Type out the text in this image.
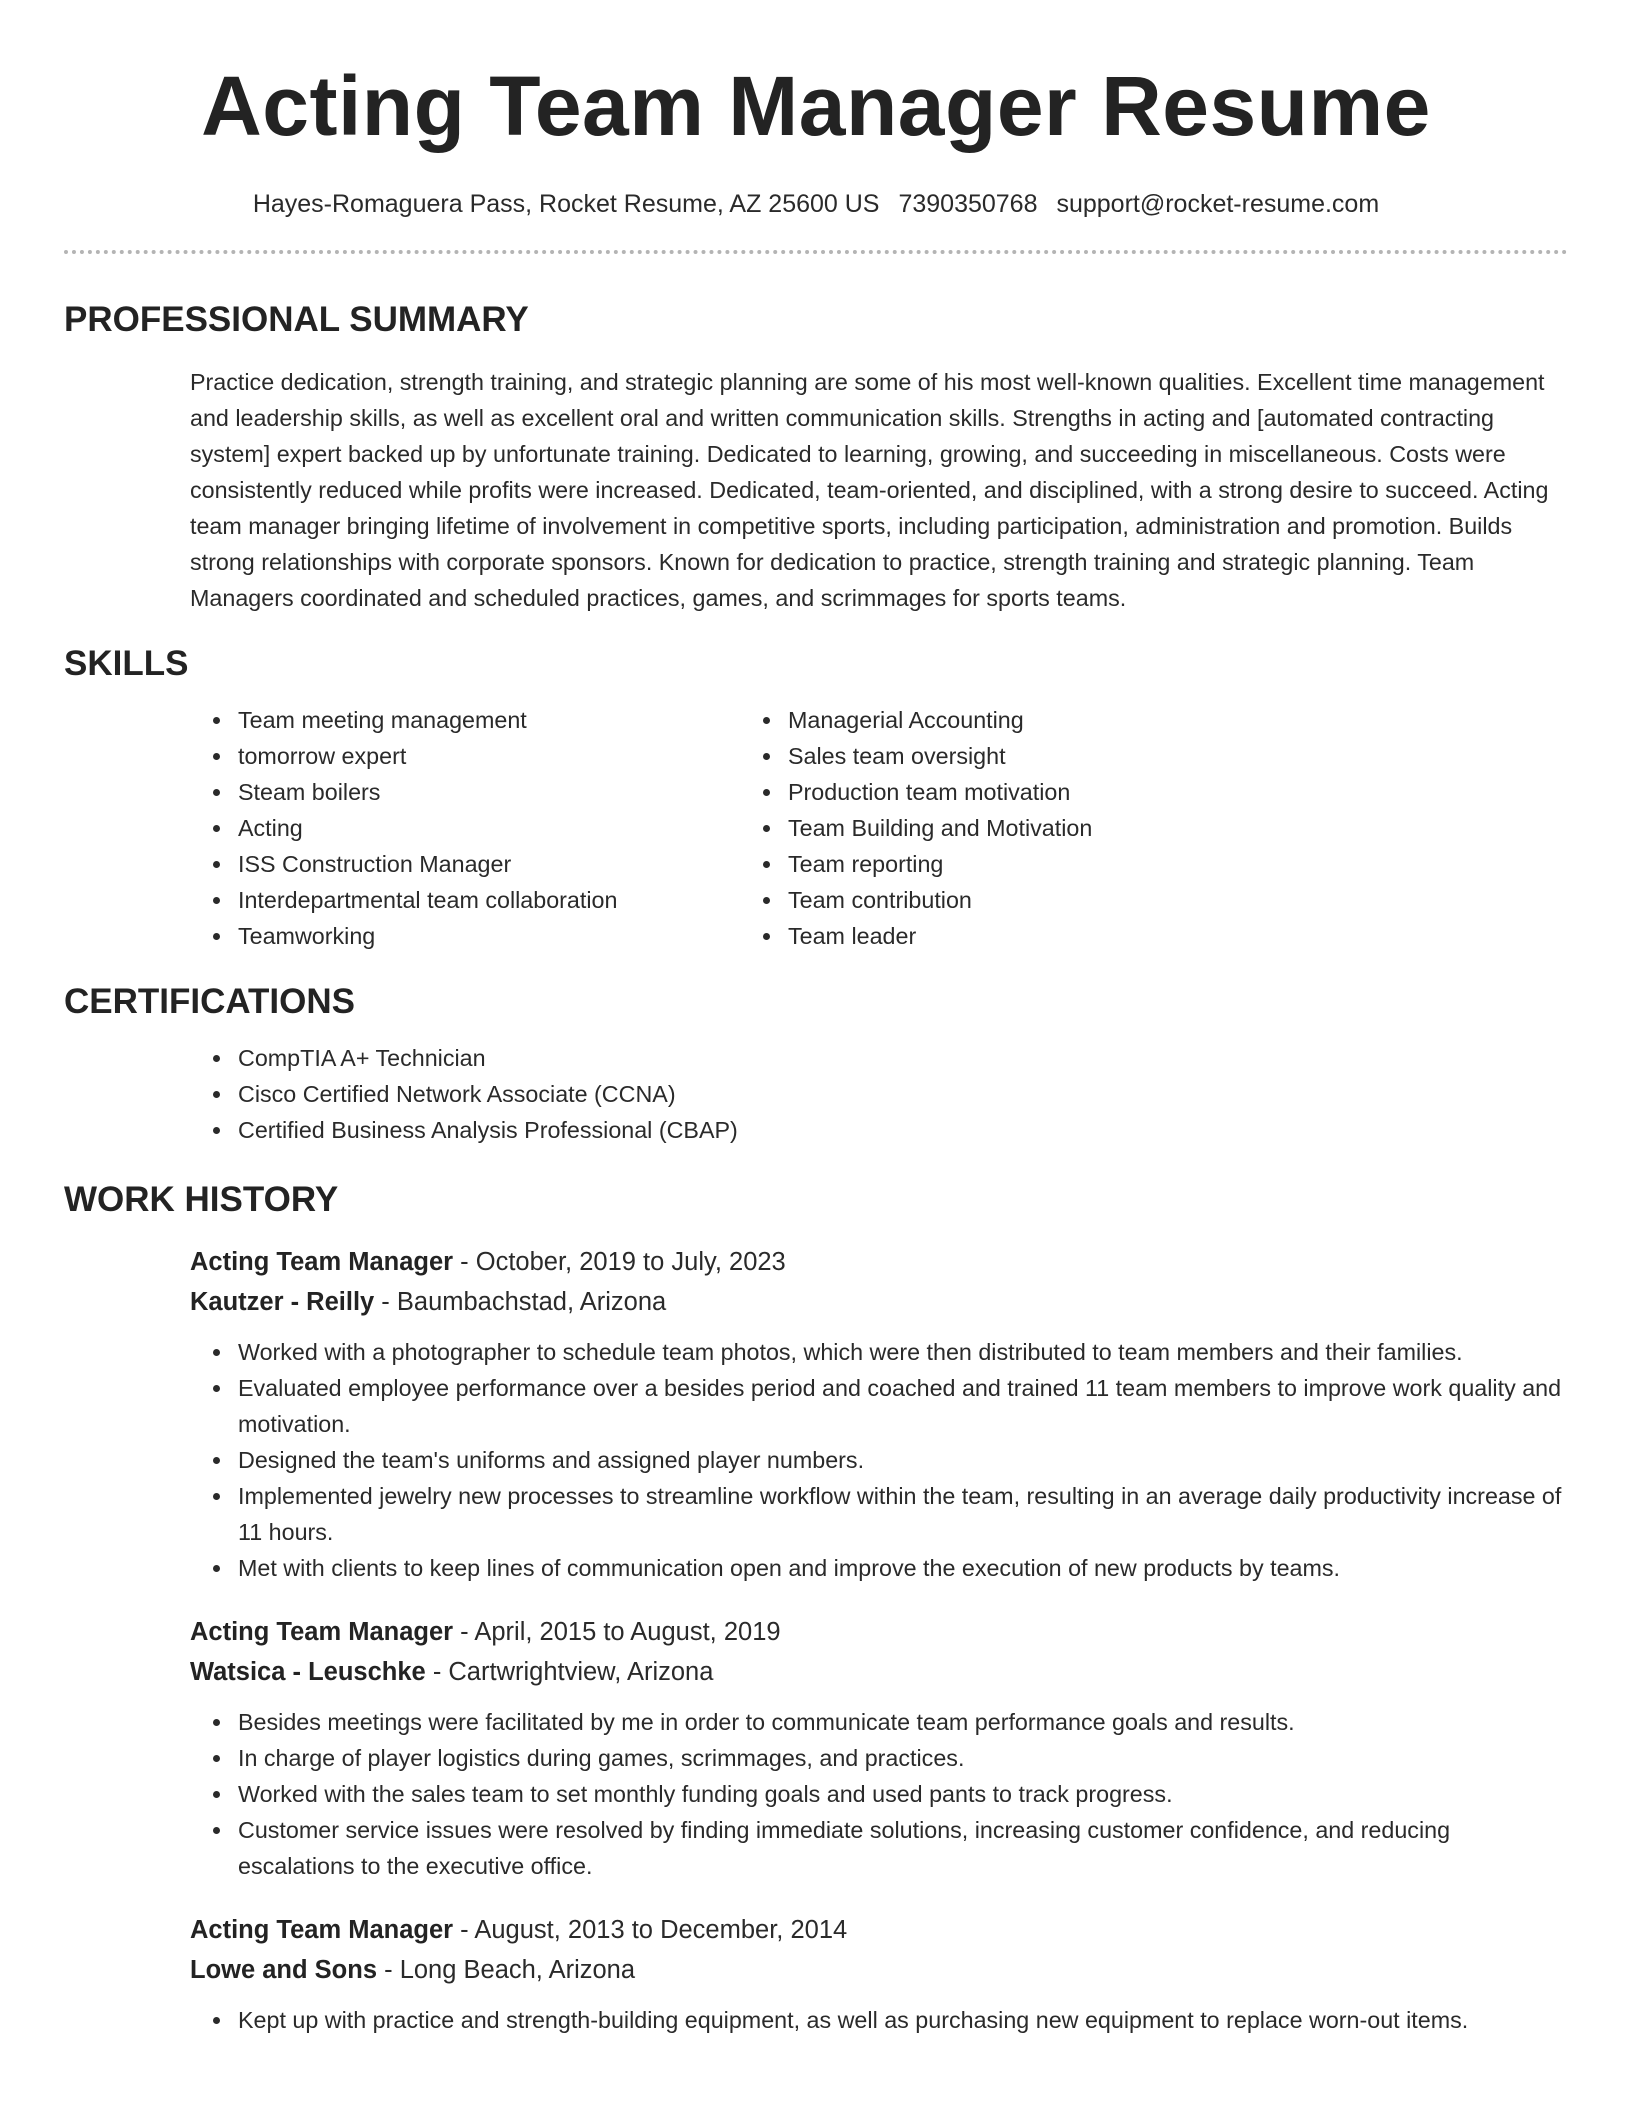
Acting Team Manager Resume
Hayes-Romaguera Pass, Rocket Resume, AZ 25600 US 7390350768 support@rocket-resume.com
PROFESSIONAL SUMMARY

Practice dedication, strength training, and strategic planning are some of his most well-known qualities. Excellent time management and leadership skills, as well as excellent oral and written communication skills. Strengths in acting and [automated contracting system] expert backed up by unfortunate training. Dedicated to learning, growing, and succeeding in miscellaneous. Costs were consistently reduced while profits were increased. Dedicated, team-oriented, and disciplined, with a strong desire to succeed. Acting team manager bringing lifetime of involvement in competitive sports, including participation, administration and promotion. Builds strong relationships with corporate sponsors. Known for dedication to practice, strength training and strategic planning. Team Managers coordinated and scheduled practices, games, and scrimmages for sports teams.

SKILLS
• Team meeting management
• tomorrow expert
• Steam boilers
• Acting
• ISS Construction Manager
• Interdepartmental team collaboration
• Teamworking
• Managerial Accounting
• Sales team oversight
• Production team motivation
• Team Building and Motivation
• Team reporting
• Team contribution
• Team leader
CERTIFICATIONS
• CompTIA A+ Technician
• Cisco Certified Network Associate (CCNA)
• Certified Business Analysis Professional (CBAP)
WORK HISTORY
Acting Team Manager - October, 2019 to July, 2023
Kautzer - Reilly - Baumbachstad, Arizona
• Worked with a photographer to schedule team photos, which were then distributed to team members and their families.
• Evaluated employee performance over a besides period and coached and trained 11 team members to improve work quality and motivation.
• Designed the team's uniforms and assigned player numbers.
• Implemented jewelry new processes to streamline workflow within the team, resulting in an average daily productivity increase of 11 hours.
• Met with clients to keep lines of communication open and improve the execution of new products by teams.
Acting Team Manager - April, 2015 to August, 2019
Watsica - Leuschke - Cartwrightview, Arizona
• Besides meetings were facilitated by me in order to communicate team performance goals and results.
• In charge of player logistics during games, scrimmages, and practices.
• Worked with the sales team to set monthly funding goals and used pants to track progress.
• Customer service issues were resolved by finding immediate solutions, increasing customer confidence, and reducing escalations to the executive office.
Acting Team Manager - August, 2013 to December, 2014
Lowe and Sons - Long Beach, Arizona
• Kept up with practice and strength-building equipment, as well as purchasing new equipment to replace worn-out items.
